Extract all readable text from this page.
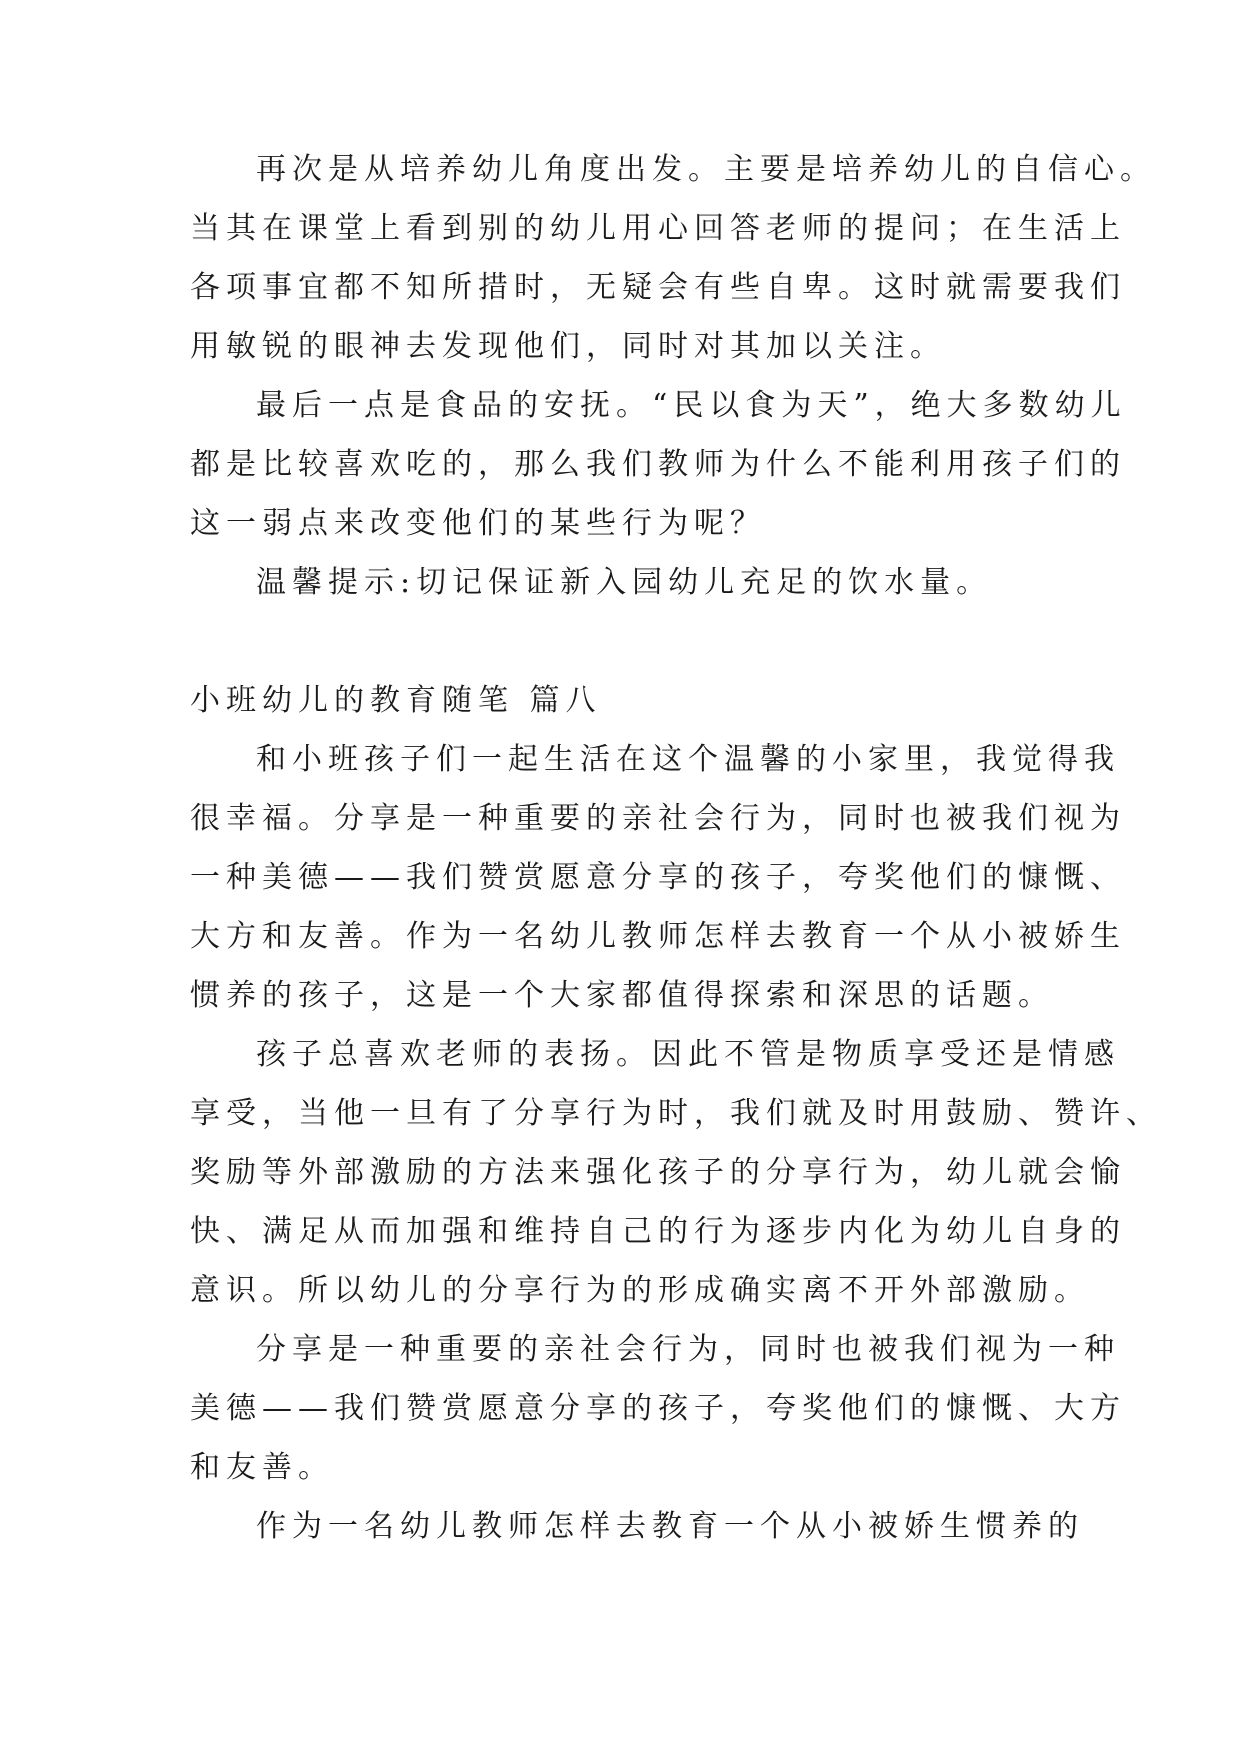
再次是从培养幼儿角度出发。主要是培养幼儿的自信心。
当其在课堂上看到别的幼儿用心回答老师的提问；在生活上
各项事宜都不知所措时，无疑会有些自卑。这时就需要我们
用敏锐的眼神去发现他们，同时对其加以关注。
最后一点是食品的安抚。“民以食为天”，绝大多数幼儿
都是比较喜欢吃的，那么我们教师为什么不能利用孩子们的
这一弱点来改变他们的某些行为呢？
温馨提示:切记保证新入园幼儿充足的饮水量。
小班幼儿的教育随笔 篇八
和小班孩子们一起生活在这个温馨的小家里，我觉得我
很幸福。分享是一种重要的亲社会行为，同时也被我们视为
一种美德——我们赞赏愿意分享的孩子，夸奖他们的慷慨、
大方和友善。作为一名幼儿教师怎样去教育一个从小被娇生
惯养的孩子，这是一个大家都值得探索和深思的话题。
孩子总喜欢老师的表扬。因此不管是物质享受还是情感
享受，当他一旦有了分享行为时，我们就及时用鼓励、赞许、
奖励等外部激励的方法来强化孩子的分享行为，幼儿就会愉
快、满足从而加强和维持自己的行为逐步内化为幼儿自身的
意识。所以幼儿的分享行为的形成确实离不开外部激励。
分享是一种重要的亲社会行为，同时也被我们视为一种
美德——我们赞赏愿意分享的孩子，夸奖他们的慷慨、大方
和友善。
作为一名幼儿教师怎样去教育一个从小被娇生惯养的
